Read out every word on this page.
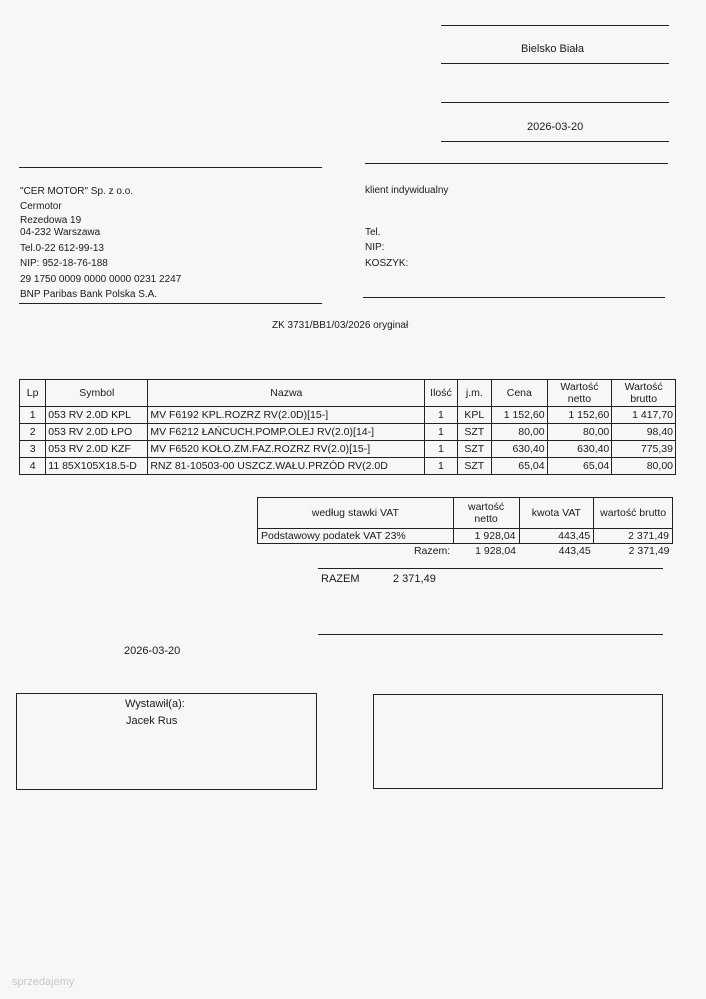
Bielsko Biała
2026-03-20
"CER MOTOR" Sp. z o.o.
Cermotor
Rezedowa 19
04-232 Warszawa
Tel.0-22 612-99-13
NIP: 952-18-76-188
29 1750 0009 0000 0000 0231 2247
BNP Paribas Bank Polska S.A.
klient indywidualny
Tel.
NIP:
KOSZYK:
ZK 3731/BB1/03/2026 oryginał
Lp	Symbol	Nazwa	Ilość	j.m.	Cena	Wartość netto	Wartość brutto
1	053 RV 2.0D KPL	MV F6192 KPL.ROZRZ RV(2.0D)[15-]	1	KPL	1 152,60	1 152,60	1 417,70
2	053 RV 2.0D ŁPO	MV F6212 ŁAŃCUCH.POMP.OLEJ RV(2.0)[14-]	1	SZT	80,00	80,00	98,40
3	053 RV 2.0D KZF	MV F6520 KOŁO.ZM.FAZ.ROZRZ RV(2.0)[15-]	1	SZT	630,40	630,40	775,39
4	11 85X105X18.5-D	RNZ 81-10503-00 USZCZ.WAŁU.PRZÓD RV(2.0D	1	SZT	65,04	65,04	80,00
według stawki VAT	wartość netto	kwota VAT	wartość brutto
Podstawowy podatek VAT 23%	1 928,04	443,45	2 371,49
Razem:	1 928,04	443,45	2 371,49
RAZEM	2 371,49
2026-03-20
Wystawił(a):
Jacek Rus
sprzedajemy
